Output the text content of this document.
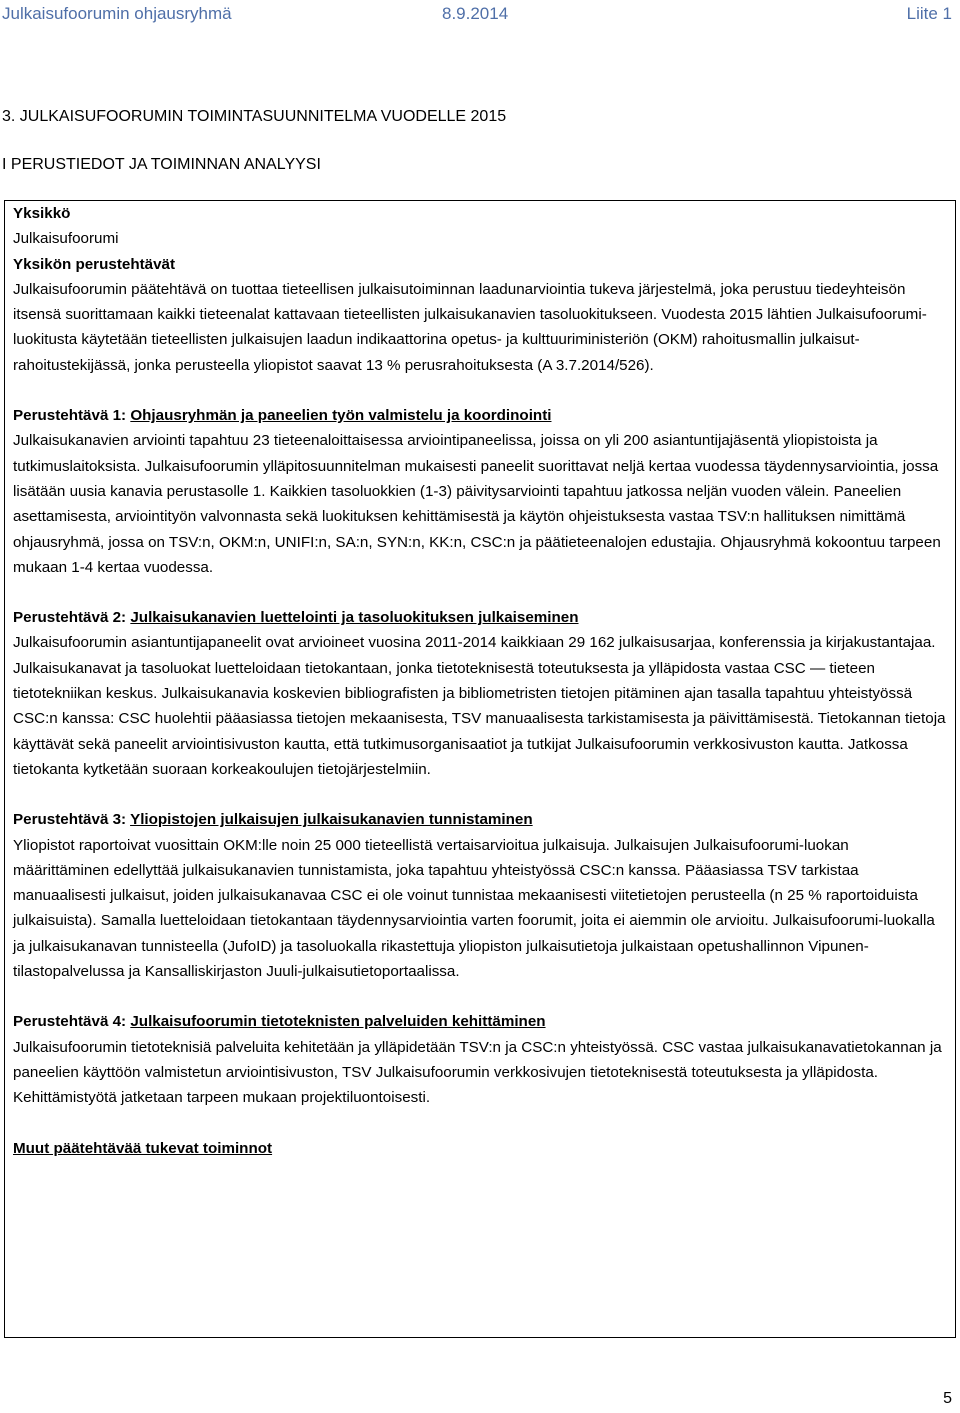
Julkaisufoorumin ohjausryhmä	8.9.2014	Liite 1
3. JULKAISUFOORUMIN TOIMINTASUUNNITELMA VUODELLE 2015
I PERUSTIEDOT JA TOIMINNAN ANALYYSI

Yksikkö

Julkaisufoorumi

Yksikön perustehtävät

Julkaisufoorumin päätehtävä on tuottaa tieteellisen julkaisutoiminnan laadunarviointia tukeva järjestelmä, joka perustuu tiedeyhteisön itsensä suorittamaan kaikki tieteenalat kattavaan tieteellisten julkaisukanavien tasoluokitukseen. Vuodesta 2015 lähtien Julkaisufoorumi-luokitusta käytetään tieteellisten julkaisujen laadun indikaattorina opetus- ja kulttuuriministeriön (OKM) rahoitusmallin julkaisut- rahoitustekijässä, jonka perusteella yliopistot saavat 13 % perusrahoituksesta (A 3.7.2014/526).

Perustehtävä 1: Ohjausryhmän ja paneelien työn valmistelu ja koordinointi

Julkaisukanavien arviointi tapahtuu 23 tieteenaloittaisessa arviointipaneelissa, joissa on yli 200 asiantuntijajäsentä yliopistoista ja tutkimuslaitoksista. Julkaisufoorumin ylläpitosuunnitelman mukaisesti paneelit suorittavat neljä kertaa vuodessa täydennysarviointia, jossa lisätään uusia kanavia perustasolle 1. Kaikkien tasoluokkien (1-3) päivitysarviointi tapahtuu jatkossa neljän vuoden välein. Paneelien asettamisesta, arviointityön valvonnasta sekä luokituksen kehittämisestä ja käytön ohjeistuksesta vastaa TSV:n hallituksen nimittämä ohjausryhmä, jossa on TSV:n, OKM:n, UNIFI:n, SA:n, SYN:n, KK:n, CSC:n ja päätieteenalojen edustajia. Ohjausryhmä kokoontuu tarpeen mukaan 1-4 kertaa vuodessa.

Perustehtävä 2: Julkaisukanavien luettelointi ja tasoluokituksen julkaiseminen

Julkaisufoorumin asiantuntijapaneelit ovat arvioineet vuosina 2011-2014 kaikkiaan 29 162 julkaisusarjaa, konferenssia ja kirjakustantajaa. Julkaisukanavat ja tasoluokat luetteloidaan tietokantaan, jonka tietoteknisestä toteutuksesta ja ylläpidosta vastaa CSC — tieteen tietotekniikan keskus. Julkaisukanavia koskevien bibliografisten ja bibliometristen tietojen pitäminen ajan tasalla tapahtuu yhteistyössä CSC:n kanssa: CSC huolehtii pääasiassa tietojen mekaanisesta, TSV manuaalisesta tarkistamisesta ja päivittämisestä. Tietokannan tietoja käyttävät sekä paneelit arviointisivuston kautta, että tutkimusorganisaatiot ja tutkijat Julkaisufoorumin verkkosivuston kautta. Jatkossa tietokanta kytketään suoraan korkeakoulujen tietojärjestelmiin.

Perustehtävä 3: Yliopistojen julkaisujen julkaisukanavien tunnistaminen

Yliopistot raportoivat vuosittain OKM:lle noin 25 000 tieteellistä vertaisarvioitua julkaisuja. Julkaisujen Julkaisufoorumi-luokan määrittäminen edellyttää julkaisukanavien tunnistamista, joka tapahtuu yhteistyössä CSC:n kanssa. Pääasiassa TSV tarkistaa manuaalisesti julkaisut, joiden julkaisukanavaa CSC ei ole voinut tunnistaa mekaanisesti viitetietojen perusteella (n 25 % raportoiduista julkaisuista). Samalla luetteloidaan tietokantaan täydennysarviointia varten foorumit, joita ei aiemmin ole arvioitu. Julkaisufoorumi-luokalla ja julkaisukanavan tunnisteella (JufoID) ja tasoluokalla rikastettuja yliopiston julkaisutietoja julkaistaan opetushallinnon Vipunen-tilastopalvelussa ja Kansalliskirjaston Juuli-julkaisutietoportaalissa.

Perustehtävä 4: Julkaisufoorumin tietoteknisten palveluiden kehittäminen

Julkaisufoorumin tietoteknisiä palveluita kehitetään ja ylläpidetään TSV:n ja CSC:n yhteistyössä. CSC vastaa julkaisukanavatietokannan ja paneelien käyttöön valmistetun arviointisivuston, TSV Julkaisufoorumin verkkosivujen tietoteknisestä toteutuksesta ja ylläpidosta. Kehittämistyötä jatketaan tarpeen mukaan projektiluontoisesti.

Muut päätehtävää tukevat toiminnot

5
